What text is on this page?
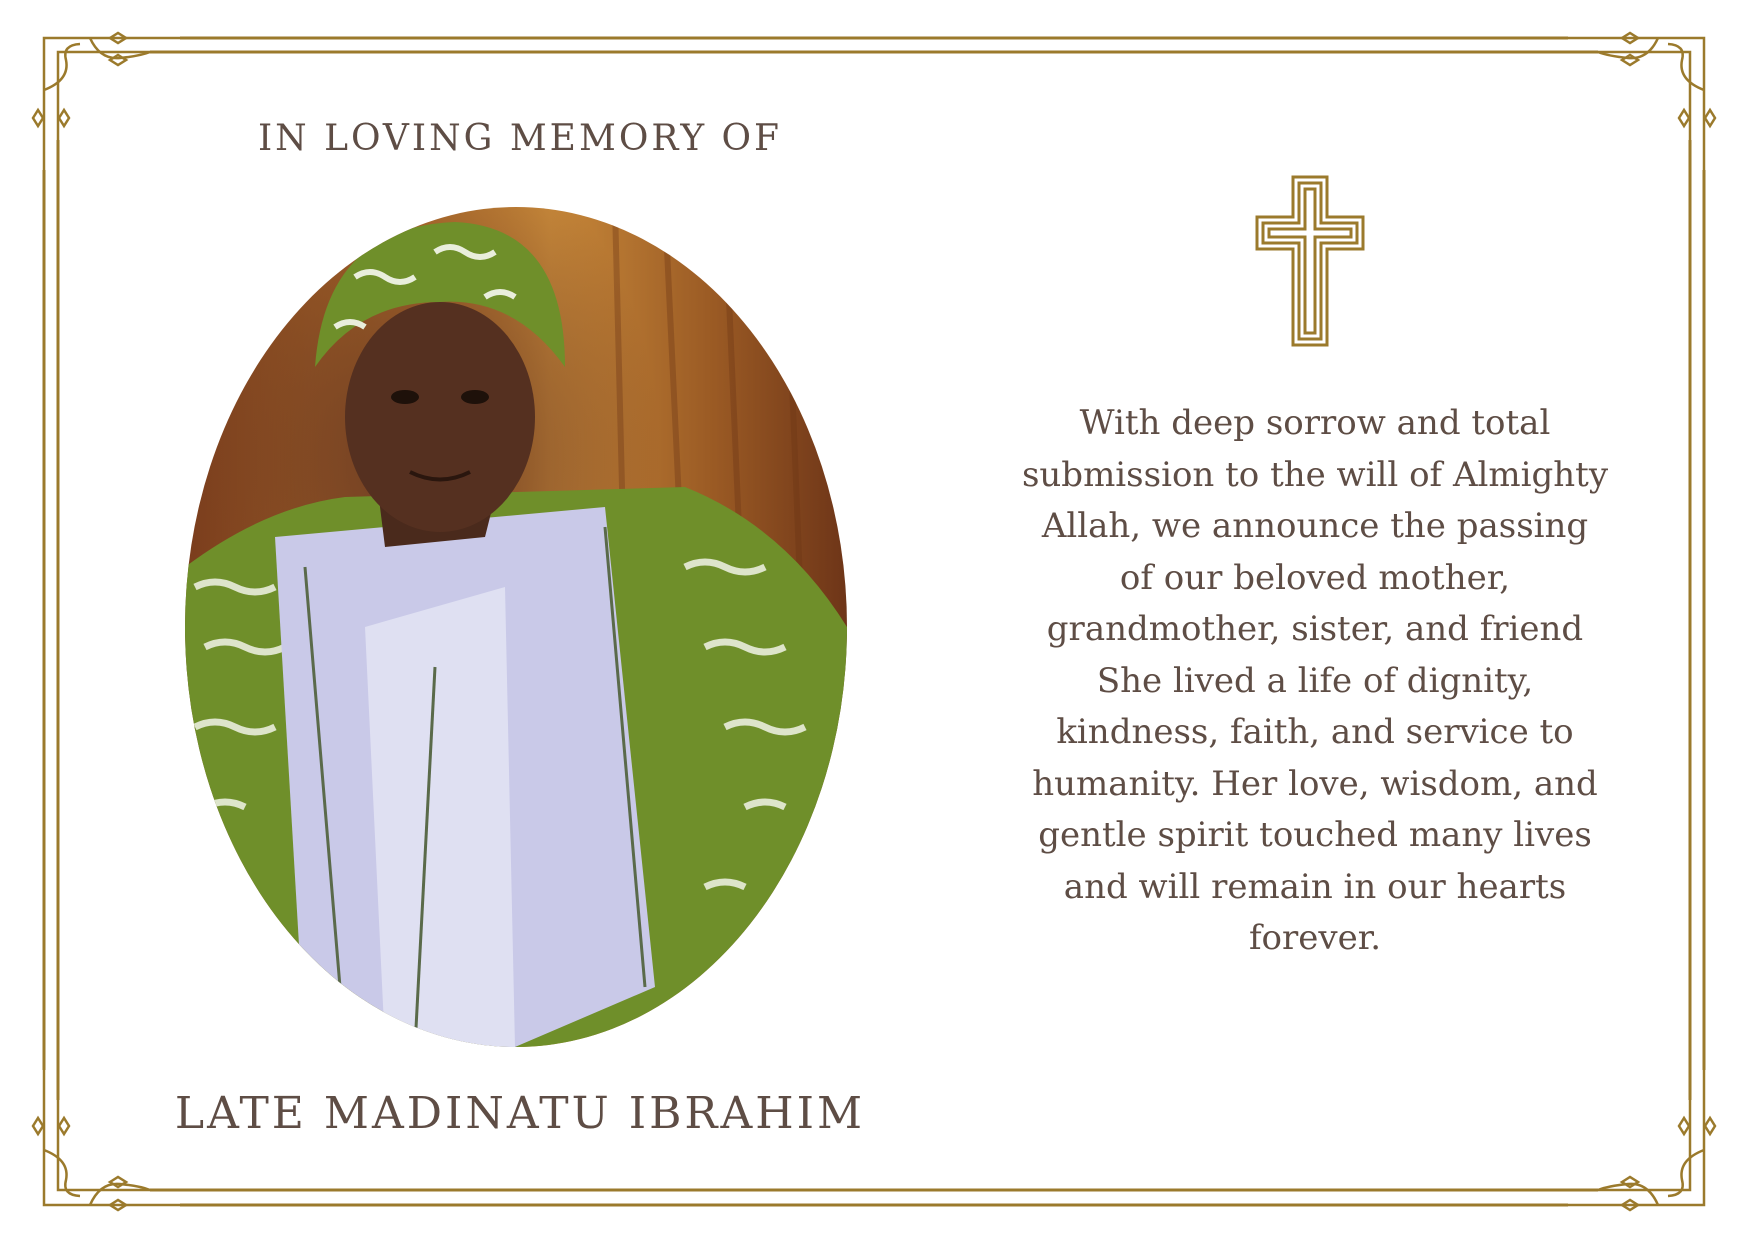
IN LOVING MEMORY OF
LATE MADINATU IBRAHIM

With deep sorrow and total submission to the will of Almighty Allah, we announce the passing of our beloved mother, grandmother, sister, and friend

She lived a life of dignity, kindness, faith, and service to humanity. Her love, wisdom, and gentle spirit touched many lives and will remain in our hearts forever.
